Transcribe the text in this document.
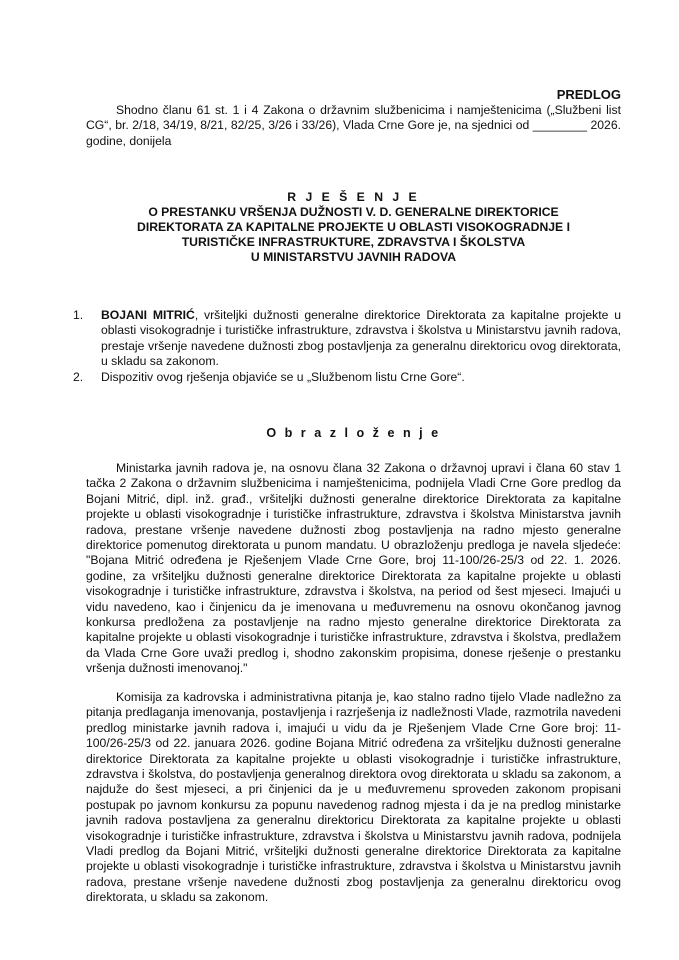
PREDLOG
Shodno članu 61 st. 1 i 4 Zakona o državnim službenicima i namještenicima („Službeni list CG“, br. 2/18, 34/19, 8/21, 82/25, 3/26 i 33/26), Vlada Crne Gore je, na sjednici od ________ 2026. godine, donijela
R J E Š E N J E
O PRESTANKU VRŠENJA DUŽNOSTI V. D. GENERALNE DIREKTORICE
DIREKTORATA ZA KAPITALNE PROJEKTE U OBLASTI VISOKOGRADNJE I
TURISTIČKE INFRASTRUKTURE, ZDRAVSTVA I ŠKOLSTVA
U MINISTARSTVU JAVNIH RADOVA
1. BOJANI MITRIĆ, vršiteljki dužnosti generalne direktorice Direktorata za kapitalne projekte u oblasti visokogradnje i turističke infrastrukture, zdravstva i školstva u Ministarstvu javnih radova, prestaje vršenje navedene dužnosti zbog postavljenja za generalnu direktoricu ovog direktorata, u skladu sa zakonom.
2. Dispozitiv ovog rješenja objaviće se u „Službenom listu Crne Gore“.
O b r a z l o ž e n j e
Ministarka javnih radova je, na osnovu člana 32 Zakona o državnoj upravi i člana 60 stav 1 tačka 2 Zakona o državnim službenicima i namještenicima, podnijela Vladi Crne Gore predlog da Bojani Mitrić, dipl. inž. građ., vršiteljki dužnosti generalne direktorice Direktorata za kapitalne projekte u oblasti visokogradnje i turističke infrastrukture, zdravstva i školstva Ministarstva javnih radova, prestane vršenje navedene dužnosti zbog postavljenja na radno mjesto generalne direktorice pomenutog direktorata u punom mandatu. U obrazloženju predloga je navela sljedeće: "Bojana Mitrić određena je Rješenjem Vlade Crne Gore, broj 11-100/26-25/3 od 22. 1. 2026. godine, za vršiteljku dužnosti generalne direktorice Direktorata za kapitalne projekte u oblasti visokogradnje i turističke infrastrukture, zdravstva i školstva, na period od šest mjeseci. Imajući u vidu navedeno, kao i činjenicu da je imenovana u međuvremenu na osnovu okončanog javnog konkursa predložena za postavljenje na radno mjesto generalne direktorice Direktorata za kapitalne projekte u oblasti visokogradnje i turističke infrastrukture, zdravstva i školstva, predlažem da Vlada Crne Gore uvaži predlog i, shodno zakonskim propisima, donese rješenje o prestanku vršenja dužnosti imenovanoj."
Komisija za kadrovska i administrativna pitanja je, kao stalno radno tijelo Vlade nadležno za pitanja predlaganja imenovanja, postavljenja i razrješenja iz nadležnosti Vlade, razmotrila navedeni predlog ministarke javnih radova i, imajući u vidu da je Rješenjem Vlade Crne Gore broj: 11-100/26-25/3 od 22. januara 2026. godine Bojana Mitrić određena za vršiteljku dužnosti generalne direktorice Direktorata za kapitalne projekte u oblasti visokogradnje i turističke infrastrukture, zdravstva i školstva, do postavljenja generalnog direktora ovog direktorata u skladu sa zakonom, a najduže do šest mjeseci, a pri činjenici da je u međuvremenu sproveden zakonom propisani postupak po javnom konkursu za popunu navedenog radnog mjesta i da je na predlog ministarke javnih radova postavljena za generalnu direktoricu Direktorata za kapitalne projekte u oblasti visokogradnje i turističke infrastrukture, zdravstva i školstva u Ministarstvu javnih radova, podnijela Vladi predlog da Bojani Mitrić, vršiteljki dužnosti generalne direktorice Direktorata za kapitalne projekte u oblasti visokogradnje i turističke infrastrukture, zdravstva i školstva u Ministarstvu javnih radova, prestane vršenje navedene dužnosti zbog postavljenja za generalnu direktoricu ovog direktorata, u skladu sa zakonom.
